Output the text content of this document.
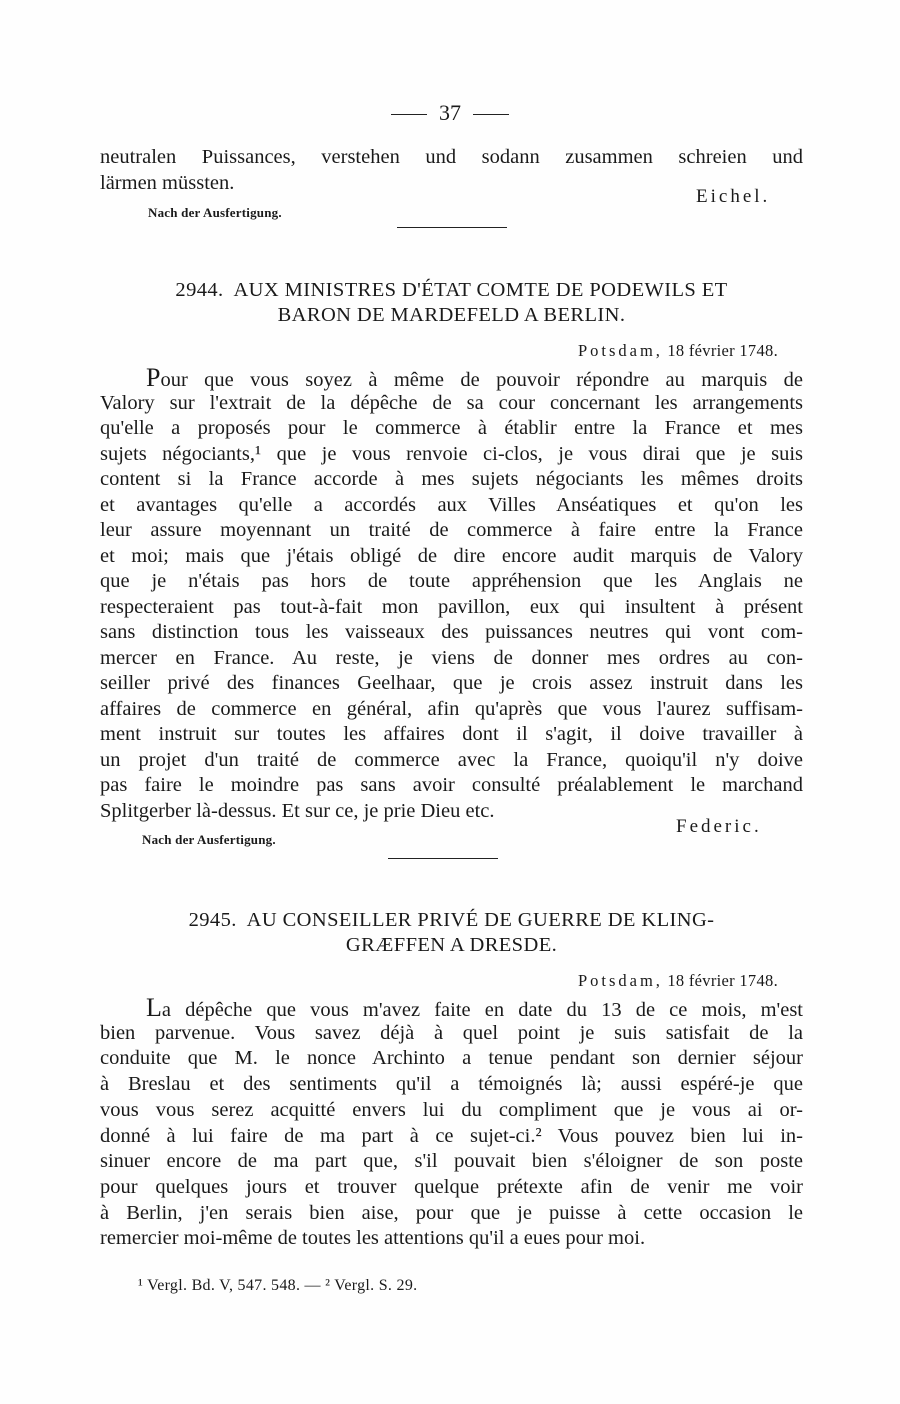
37
neutralen Puissances, verstehen und sodann zusammen schreien und
lärmen müssten.
Eichel.
Nach der Ausfertigung.
2944. AUX MINISTRES D'ÉTAT COMTE DE PODEWILS ET
BARON DE MARDEFELD A BERLIN.
Potsdam, 18 février 1748.
Pour que vous soyez à même de pouvoir répondre au marquis de
Valory sur l'extrait de la dépêche de sa cour concernant les arrangements
qu'elle a proposés pour le commerce à établir entre la France et mes
sujets négociants,¹ que je vous renvoie ci-clos, je vous dirai que je suis
content si la France accorde à mes sujets négociants les mêmes droits
et avantages qu'elle a accordés aux Villes Anséatiques et qu'on les
leur assure moyennant un traité de commerce à faire entre la France
et moi; mais que j'étais obligé de dire encore audit marquis de Valory
que je n'étais pas hors de toute appréhension que les Anglais ne
respecteraient pas tout-à-fait mon pavillon, eux qui insultent à présent
sans distinction tous les vaisseaux des puissances neutres qui vont com-
mercer en France. Au reste, je viens de donner mes ordres au con-
seiller privé des finances Geelhaar, que je crois assez instruit dans les
affaires de commerce en général, afin qu'après que vous l'aurez suffisam-
ment instruit sur toutes les affaires dont il s'agit, il doive travailler à
un projet d'un traité de commerce avec la France, quoiqu'il n'y doive
pas faire le moindre pas sans avoir consulté préalablement le marchand
Splitgerber là-dessus. Et sur ce, je prie Dieu etc.
Federic.
Nach der Ausfertigung.
2945. AU CONSEILLER PRIVÉ DE GUERRE DE KLING-
GRÆFFEN A DRESDE.
Potsdam, 18 février 1748.
La dépêche que vous m'avez faite en date du 13 de ce mois, m'est
bien parvenue. Vous savez déjà à quel point je suis satisfait de la
conduite que M. le nonce Archinto a tenue pendant son dernier séjour
à Breslau et des sentiments qu'il a témoignés là; aussi espéré-je que
vous vous serez acquitté envers lui du compliment que je vous ai or-
donné à lui faire de ma part à ce sujet-ci.² Vous pouvez bien lui in-
sinuer encore de ma part que, s'il pouvait bien s'éloigner de son poste
pour quelques jours et trouver quelque prétexte afin de venir me voir
à Berlin, j'en serais bien aise, pour que je puisse à cette occasion le
remercier moi-même de toutes les attentions qu'il a eues pour moi.
¹ Vergl. Bd. V, 547. 548. — ² Vergl. S. 29.
